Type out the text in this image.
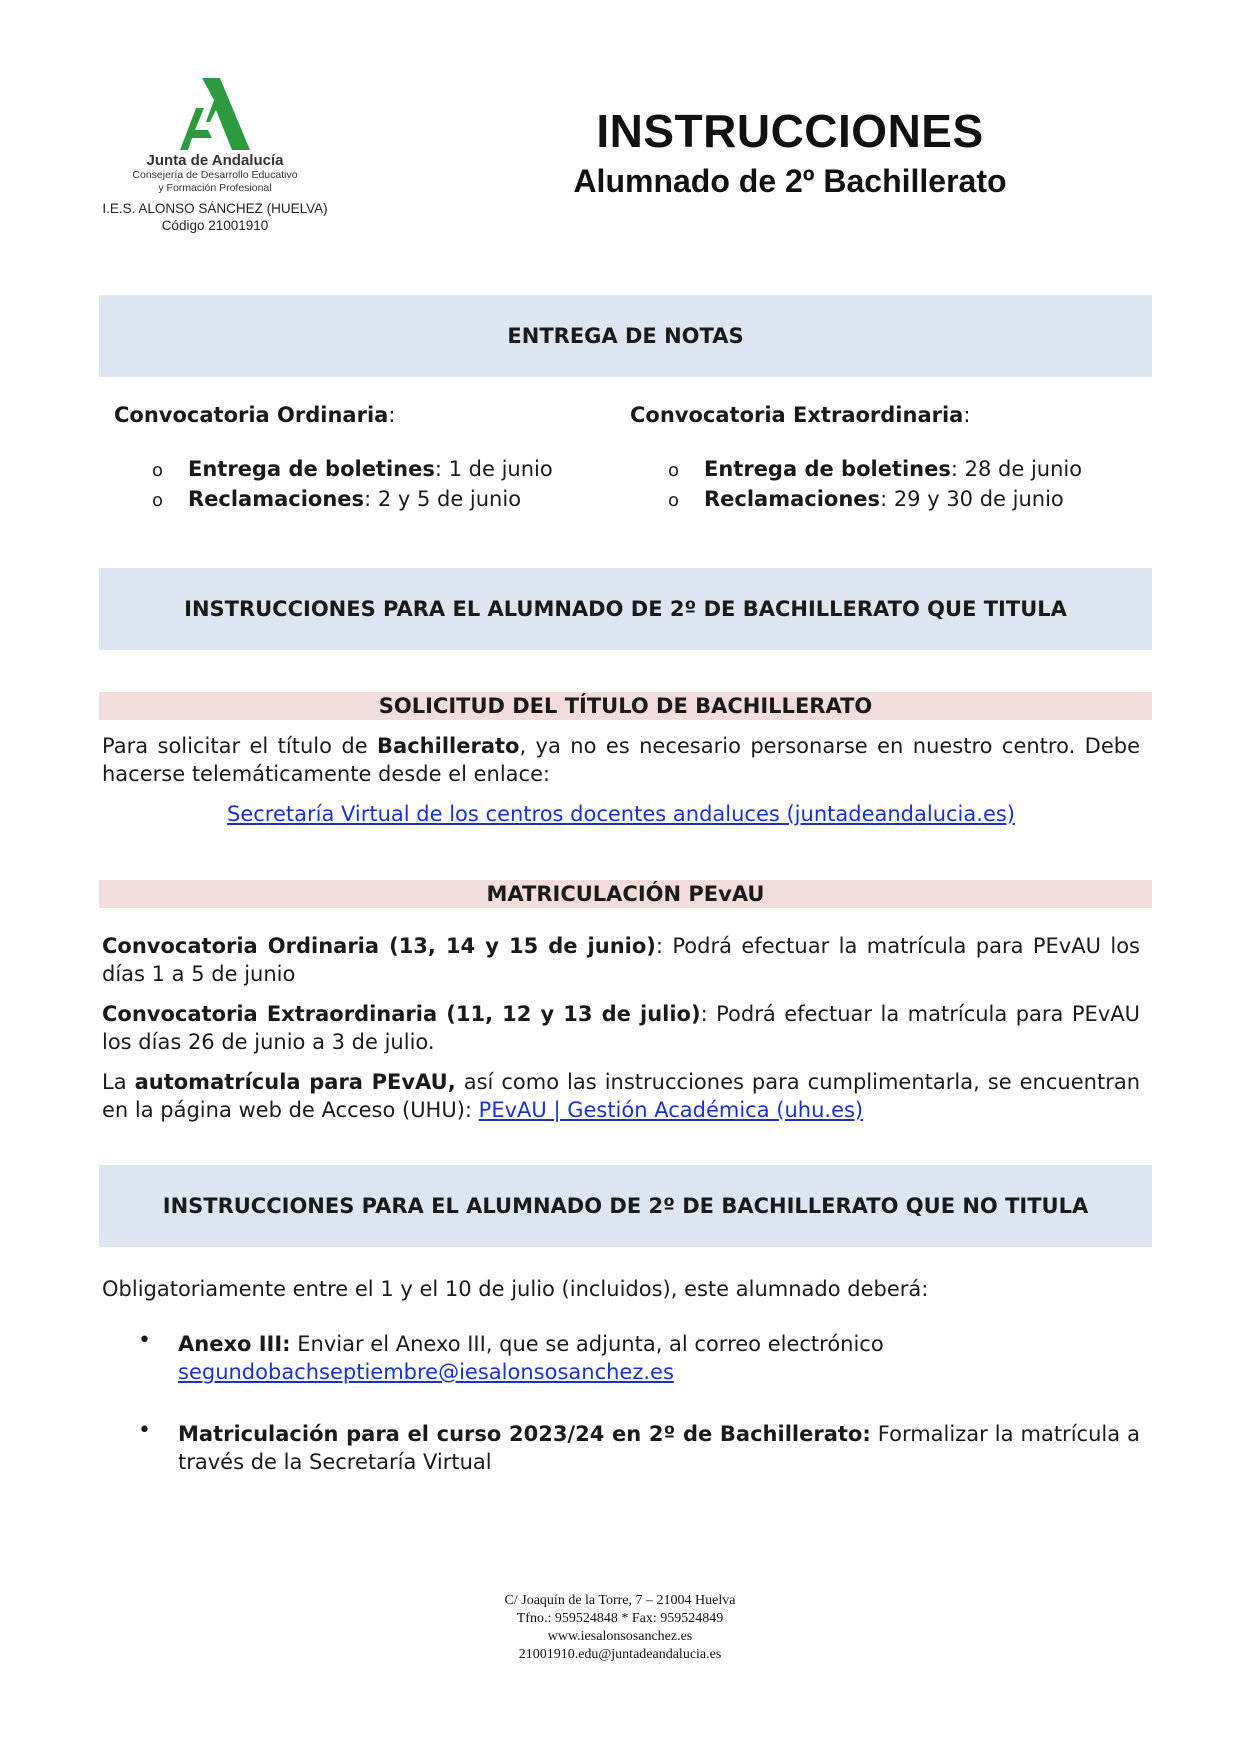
Junta de Andalucía
Consejería de Desarrollo Educativo
y Formación Profesional
I.E.S. ALONSO SÁNCHEZ (HUELVA)
Código 21001910
INSTRUCCIONES
Alumnado de 2º Bachillerato
ENTREGA DE NOTAS
Convocatoria Ordinaria:	Convocatoria Extraordinaria:
o Entrega de boletines: 1 de junio
o Reclamaciones: 2 y 5 de junio
o Entrega de boletines: 28 de junio
o Reclamaciones: 29 y 30 de junio
INSTRUCCIONES PARA EL ALUMNADO DE 2º DE BACHILLERATO QUE TITULA
SOLICITUD DEL TÍTULO DE BACHILLERATO
Para solicitar el título de Bachillerato, ya no es necesario personarse en nuestro centro. Debe hacerse telemáticamente desde el enlace:
Secretaría Virtual de los centros docentes andaluces (juntadeandalucia.es)
MATRICULACIÓN PEvAU
Convocatoria Ordinaria (13, 14 y 15 de junio): Podrá efectuar la matrícula para PEvAU los días 1 a 5 de junio
Convocatoria Extraordinaria (11, 12 y 13 de julio): Podrá efectuar la matrícula para PEvAU los días 26 de junio a 3 de julio.
La automatrícula para PEvAU, así como las instrucciones para cumplimentarla, se encuentran en la página web de Acceso (UHU): PEvAU | Gestión Académica (uhu.es)
INSTRUCCIONES PARA EL ALUMNADO DE 2º DE BACHILLERATO QUE NO TITULA
Obligatoriamente entre el 1 y el 10 de julio (incluidos), este alumnado deberá:
• Anexo III: Enviar el Anexo III, que se adjunta, al correo electrónico
segundobachseptiembre@iesalonsosanchez.es
• Matriculación para el curso 2023/24 en 2º de Bachillerato: Formalizar la matrícula a través de la Secretaría Virtual
C/ Joaquín de la Torre, 7 – 21004 Huelva
Tfno.: 959524848 * Fax: 959524849
www.iesalonsosanchez.es
21001910.edu@juntadeandalucia.es
